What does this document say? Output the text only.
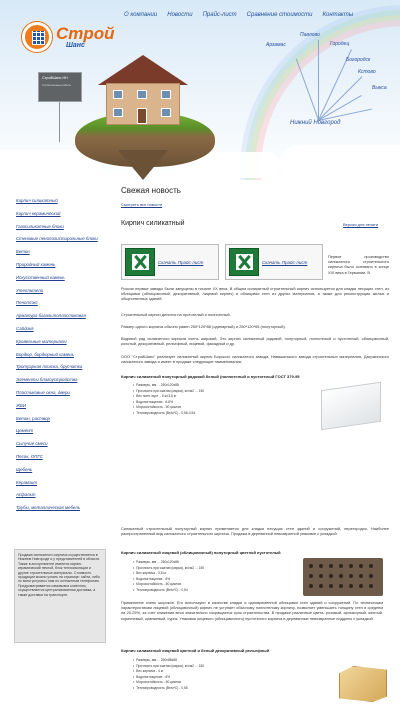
Строй
Шанс
О компании Новости Прайс-лист Сравнение стоимости Контакты
СтройШанс-НН
Строительные работы
Арзамас
Павлово
Городец
Богородск
Кстово
Выкса
Нижний Новгород
Кирпич силикатный
Кирпич керамический
Газосиликатные блоки
Стеновые пенополистирольные блоки
Бетон
Природный камень
Искусственный камень
Утеплители
Пеноплэкс
Арматура базальтопластиковая
Сайдинг
Кровельные материалы
Бордюр, бордюрный камень
Тротуарная плитка, брусчатка
Элементы благоустройства
Пластиковые окна, двери
ЖБИ
Бетон, раствор
Цемент
Сыпучие смеси
Песок, ОПГС
Щебень
Керамзит
Асфальт
Трубы, металлическая мебель
Продажа силикатного кирпича осуществляется в Нижнем Новгороде и у представителей в области. Также в ассортименте имеются кирпич керамический печной, блок теплоизоляции и другие строительные материалы. Стоимость продукции можно узнать на странице: сайта, либо по всем услугам к нам по контактным телефонам. Предусматривается самовывоз клиентом, осуществляется централизованная доставка, а также доставка на транспорте.
Свежая новость
Смотреть все новости
Кирпич силикатный	Версия для печати
Скачать Прайс-лист	Скачать Прайс-лист
Первое производство силикатного строительного кирпича было основано в конце XIX века в Германии. В
России первые заводы были запущены в начале XX века. В общем силикатный строительный кирпич используется для кладки несущих стен, из облицовки (облицовочный, декоративный, лицевой кирпич) и облицовки стен из других материалов, а также для реконструкции жилых и общественных зданий.
Строительный кирпич делится на пустотелый и полнотелый.
Размер одного кирпича обычно равен 250*120*88 (одинарный) и 250*120*65 (полуторный).
Видовой ряд силикатного кирпича очень широкий. Это кирпич силикатный рядовой, полуторный, полнотелый и пустотелый, облицовочный, колотый, декоративный, рельефный, лицевой, фасадный и др.
ООО "СтройШанс" реализует силикатный кирпич Борского силикатного завода, Навашинского завода строительных материалов, Дзержинского силикатного завода и имеет в продаже следующие наименования:
Кирпич силикатный полуторный рядовой белый (полнотелый и пустотелый ГОСТ 379-95
• Размеры, мм ... 250х120х88
• Прочность при сжатии (марка), кг/см2 ... 150
• Вес полн./пуст. - 5 кг/3,8 кг
• Водопоглощение - 6-8%
• Морозостойкость - 50 циклов
• Теплопроводность (Вт/м*С) - 0,56-0,54
Силикатный строительный полуторный кирпич применяется для кладки несущих стен зданий и сооружений, перегородок. Наиболее распространенный вид силикатного строительного кирпича. Продажа в деревянной невозвратной упаковке с укладкой.
Кирпич силикатный лицевой (облицовочный) полуторный цветной пустотелый
• Размеры, мм ... 250х120х88
• Прочность при сжатии (марка), кг/см2 ... 150
• Вес кирпича - 3,8 кг
• Водопоглощение - 6%
• Морозостойкость - 50 циклов
• Теплопроводность (Вт/м*С) - 0,54
Применение очень широкое. Его используют в качестве кладки и одновременной облицовки стен зданий и сооружений. По техническим характеристикам лицевой (облицовочный) кирпич не уступает обычному полнотелому кирпичу, позволяет уменьшить толщину стен в среднем на 20-25%, за счет снижения веса значительно сокращается срок строительства. В продаже различные цвета: розовый, ярлыкорный, желтый, коричневый, оранжевый, сурик. Упаковка лицевого (облицовочного) пустотелого кирпича в деревянные невозвратные поддоны с укладкой.
Кирпич силикатный лицевой цветной и белый декоративный рельефный
• Размеры, мм ... 250х88х88
• Прочность при сжатии (марка), кг/см2 ... 150
• Вес кирпича - 4 кг
• Водопоглощение - 6%
• Морозостойкость - 50 циклов
• Теплопроводность (Вт/м*С) - 0,56
